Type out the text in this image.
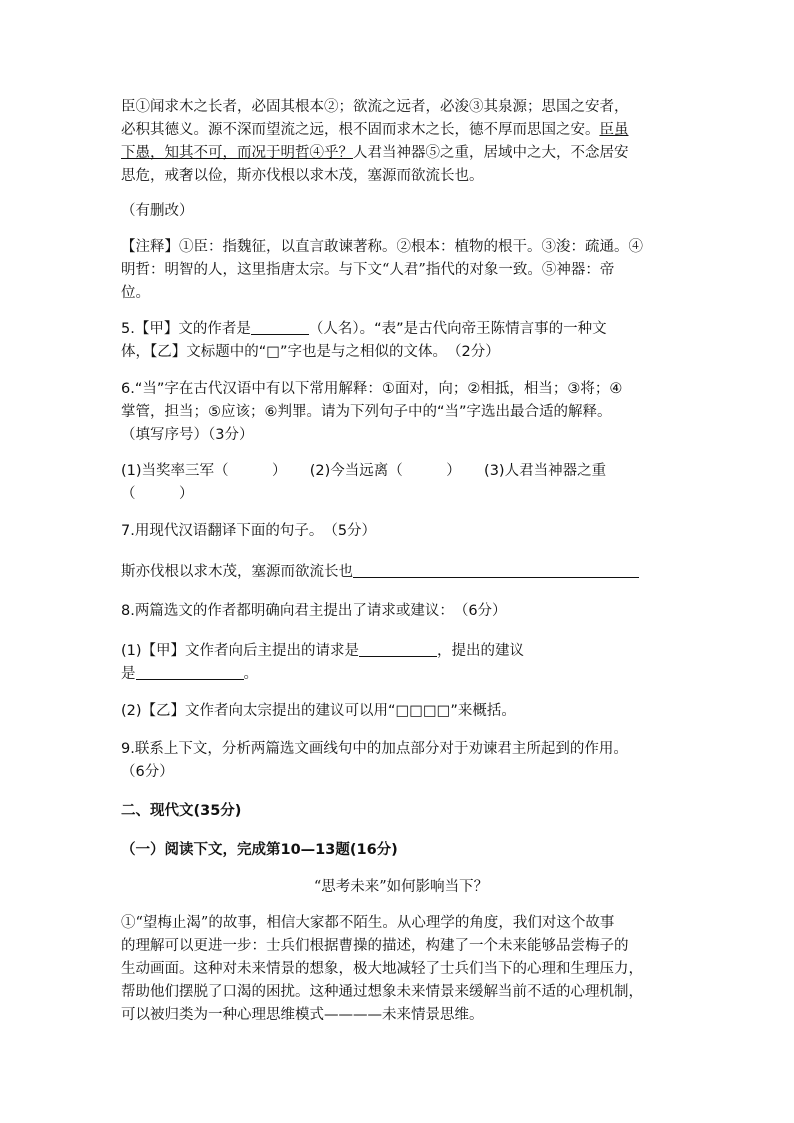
臣①闻求木之长者，必固其根本②；欲流之远者，必浚③其泉源；思国之安者，
必积其德义。源不深而望流之远，根不固而求木之长，德不厚而思国之安。臣虽
下愚，知其不可，而况于明哲④乎？人君当神器⑤之重，居域中之大，不念居安
思危，戒奢以俭，斯亦伐根以求木茂，塞源而欲流长也。
（有删改）
【注释】①臣：指魏征，以直言敢谏著称。②根本：植物的根干。③浚：疏通。④
明哲：明智的人，这里指唐太宗。与下文“人君”指代的对象一致。⑤神器：帝
位。
5.【甲】文的作者是	（人名）。“表”是古代向帝王陈情言事的一种文
体，【乙】文标题中的“□”字也是与之相似的文体。　（2分）
6.“当”字在古代汉语中有以下常用解释：①面对，向；②相抵，相当；③将；④
掌管，担当；⑤应该；⑥判罪。请为下列句子中的“当”字选出最合适的解释。
（填写序号）（3分）
(1)当奖率三军（　　　） (2)今当远离（　　　） (3)人君当神器之重
（　　　）
7.用现代汉语翻译下面的句子。　（5分）
斯亦伐根以求木茂，塞源而欲流长也
8.两篇选文的作者都明确向君主提出了请求或建议：　（6分）
(1)【甲】文作者向后主提出的请求是	，提出的建议
是	。
(2)【乙】文作者向太宗提出的建议可以用“□□□□”来概括。
9.联系上下文，分析两篇选文画线句中的加点部分对于劝谏君主所起到的作用。
（6分）
二、现代文(35分)
（一）阅读下文，完成第10—13题(16分)
“思考未来”如何影响当下？
①“望梅止渴”的故事，相信大家都不陌生。从心理学的角度，我们对这个故事
的理解可以更进一步：士兵们根据曹操的描述，构建了一个未来能够品尝梅子的
生动画面。这种对未来情景的想象，极大地减轻了士兵们当下的心理和生理压力，
帮助他们摆脱了口渴的困扰。这种通过想象未来情景来缓解当前不适的心理机制，
可以被归类为一种心理思维模式————未来情景思维。
